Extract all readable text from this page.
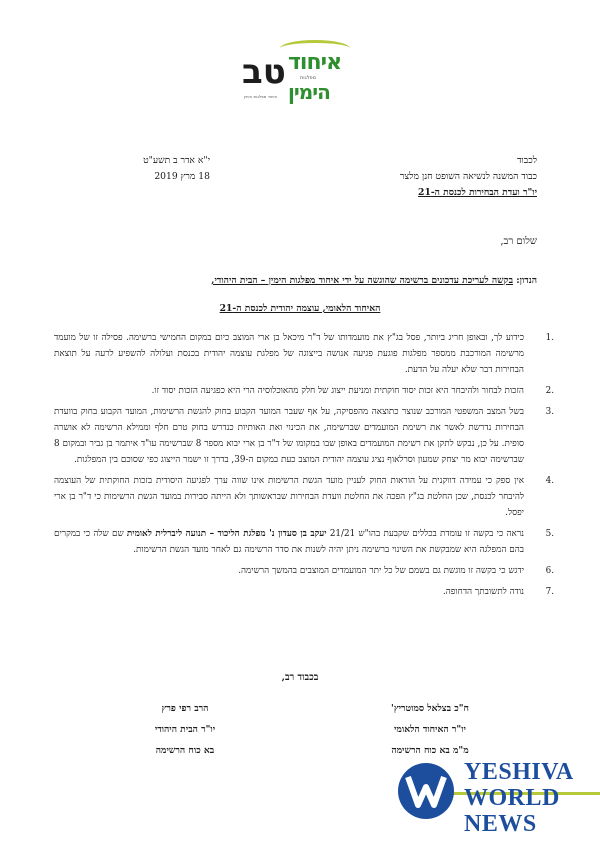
טב איחוד
מפלגות
הימין
איחוד מפלגות הימין
לכבוד
כבוד המשנה לנשיאה השופט חנן מלצר
יו"ר ועדת הבחירות לכנסת ה-21
י"א אדר ב תשע"ט
18 מרץ 2019
שלום רב,
הנדון: בקשה לעריכת עדכונים ברשימה שהוגשה על ידי איחוד מפלגות הימין – הבית היהודי,
האיחוד הלאומי, עוצמה יהודית לכנסת ה-21
.1
כידוע לך, ובאופן חריג ביותר, פסל בג"ץ את מועמדותו של ד"ר מיכאל בן ארי המוצב כיום במקום החמישי ברשימה. פסילה זו של מועמד מרשימה המורכבת ממספר מפלגות פוגעת פגיעה אנושה בייצוגה של מפלגת עוצמה יהודית בכנסת ועלולה להשפיע לרעה על תוצאת הבחירות דבר שלא יעלה על הדעת.
.2
הזכות לבחור ולהיבחר היא זכות יסוד חוקתית ומניעת ייצוג של חלק מהאוכלוסיה הרי היא כפגיעה הזכות יסוד זו.
.3
בשל המצב המשפטי המורכב שנוצר כתוצאה מהפסיקה, על אף שעבר המועד הקבוע בחוק להגשת הרשימות, המועד הקבוע בחוק בוועדת הבחירות נדרשת לאשר את רשימת המועמדים שברשימה, את הכינוי ואת האותיות כנדרש בחוק טרם חלף וממילא הרשימה לא אושרה סופית. על כן, נבקש לתקן את רשימת המועמדים באופן שבו במקומו של ד"ר בן ארי יבוא מספר 8 שברשימה עו"ד איתמר בן גביר ובמקום 8 שברשימה יבוא מר יצחק שמעון וסרלאוף נציג עוצמה יהודית המוצב כעת במקום ה-39, בדרך זו ישמר הייצוג כפי שסוכם בין המפלגות.
.4
אין ספק כי עמידה דווקנית על הוראות החוק לעניין מועד הגשת הרשימות אינו שווה ערך לפגיעה היסודית בזכות החוקתית של העוצמה להיבחר לכנסת, שכן החלטת בג"ץ הפכה את החלטת וועדת הבחירות שבראשותך ולא הייתה סבירות במועד הגשת הרשימות כי ד"ר בן ארי יפסל.
.5
נראה כי בקשה זו עומדת בכללים שקבעת בהו"ש 21/21 יעקב בן סעדון נ' מפלגת הליכוד – תנועה ליברלית לאומית שם שלה כי במקרים בהם המפלגה היא שמבקשת את השינוי ברשימה ניתן יהיה לשנות את סדר הרשימה גם לאחר מועד הגשת הרשימות.
.6
ידגש כי בקשה זו מוגשת גם בשמם של כל יתר המועמדים המוצבים בהמשך הרשימה.
.7
נודה לתשובתך הדחופה.
בכבוד רב,
ח"כ בצלאל סמוטריץ'
יו"ר האיחוד הלאומי
מ"מ בא כוח הרשימה
הרב רפי פרץ
יו"ר הבית היהודי
בא כוח הרשימה
YESHIVA
WORLD
NEWS
